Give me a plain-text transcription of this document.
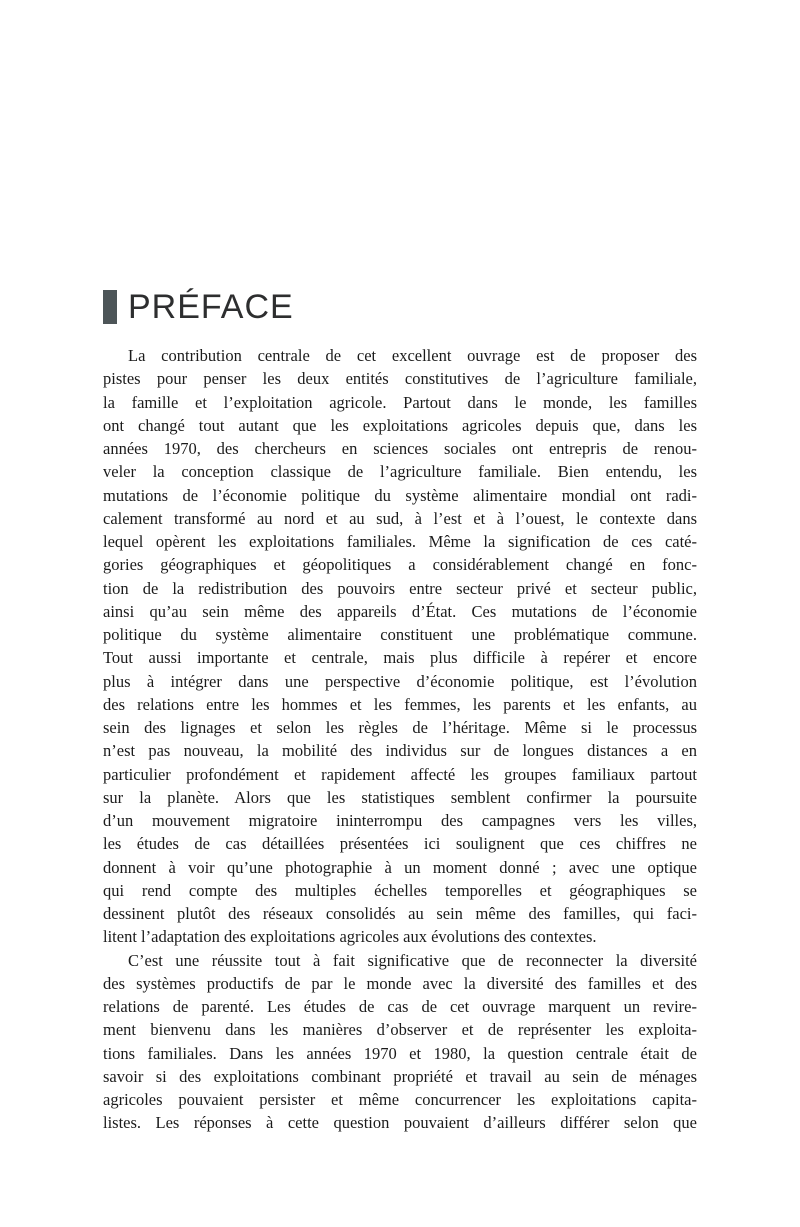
PRÉFACE
La contribution centrale de cet excellent ouvrage est de proposer des
pistes pour penser les deux entités constitutives de l’agriculture familiale,
la famille et l’exploitation agricole. Partout dans le monde, les familles
ont changé tout autant que les exploitations agricoles depuis que, dans les
années 1970, des chercheurs en sciences sociales ont entrepris de renou-
veler la conception classique de l’agriculture familiale. Bien entendu, les
mutations de l’économie politique du système alimentaire mondial ont radi-
calement transformé au nord et au sud, à l’est et à l’ouest, le contexte dans
lequel opèrent les exploitations familiales. Même la signification de ces caté-
gories géographiques et géopolitiques a considérablement changé en fonc-
tion de la redistribution des pouvoirs entre secteur privé et secteur public,
ainsi qu’au sein même des appareils d’État. Ces mutations de l’économie
politique du système alimentaire constituent une problématique commune.
Tout aussi importante et centrale, mais plus difficile à repérer et encore
plus à intégrer dans une perspective d’économie politique, est l’évolution
des relations entre les hommes et les femmes, les parents et les enfants, au
sein des lignages et selon les règles de l’héritage. Même si le processus
n’est pas nouveau, la mobilité des individus sur de longues distances a en
particulier profondément et rapidement affecté les groupes familiaux partout
sur la planète. Alors que les statistiques semblent confirmer la poursuite
d’un mouvement migratoire ininterrompu des campagnes vers les villes,
les études de cas détaillées présentées ici soulignent que ces chiffres ne
donnent à voir qu’une photographie à un moment donné ; avec une optique
qui rend compte des multiples échelles temporelles et géographiques se
dessinent plutôt des réseaux consolidés au sein même des familles, qui faci-
litent l’adaptation des exploitations agricoles aux évolutions des contextes.
C’est une réussite tout à fait significative que de reconnecter la diversité
des systèmes productifs de par le monde avec la diversité des familles et des
relations de parenté. Les études de cas de cet ouvrage marquent un revire-
ment bienvenu dans les manières d’observer et de représenter les exploita-
tions familiales. Dans les années 1970 et 1980, la question centrale était de
savoir si des exploitations combinant propriété et travail au sein de ménages
agricoles pouvaient persister et même concurrencer les exploitations capita-
listes. Les réponses à cette question pouvaient d’ailleurs différer selon que
